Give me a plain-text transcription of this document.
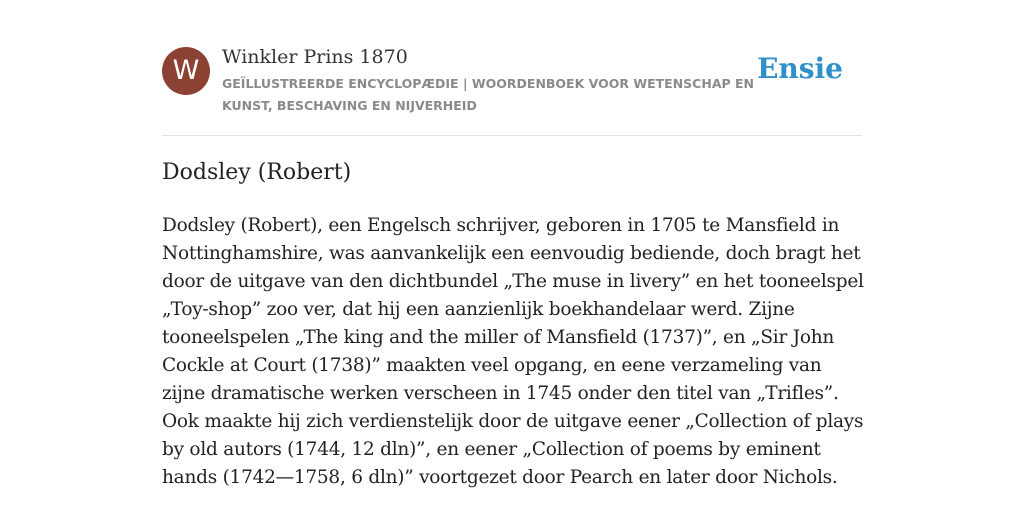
W	Winkler Prins 1870
GEÏLLUSTREERDE ENCYCLOPÆDIE | WOORDENBOEK VOOR WETENSCHAP EN KUNST, BESCHAVING EN NIJVERHEID
Ensie
Dodsley (Robert)

Dodsley (Robert), een Engelsch schrijver, geboren in 1705 te Mansfield in Nottinghamshire, was aanvankelijk een eenvoudig bediende, doch bragt het door de uitgave van den dichtbundel „The muse in livery” en het tooneelspel „Toy-shop” zoo ver, dat hij een aanzienlijk boekhandelaar werd. Zijne tooneelspelen „The king and the miller of Mansfield (1737)”, en „Sir John Cockle at Court (1738)” maakten veel opgang, en eene verzameling van zijne dramatische werken verscheen in 1745 onder den titel van „Trifles”. Ook maakte hij zich verdienstelijk door de uitgave eener „Collection of plays by old autors (1744, 12 dln)”, en eener „Collection of poems by eminent hands (1742—1758, 6 dln)” voortgezet door Pearch en later door Nichols.
